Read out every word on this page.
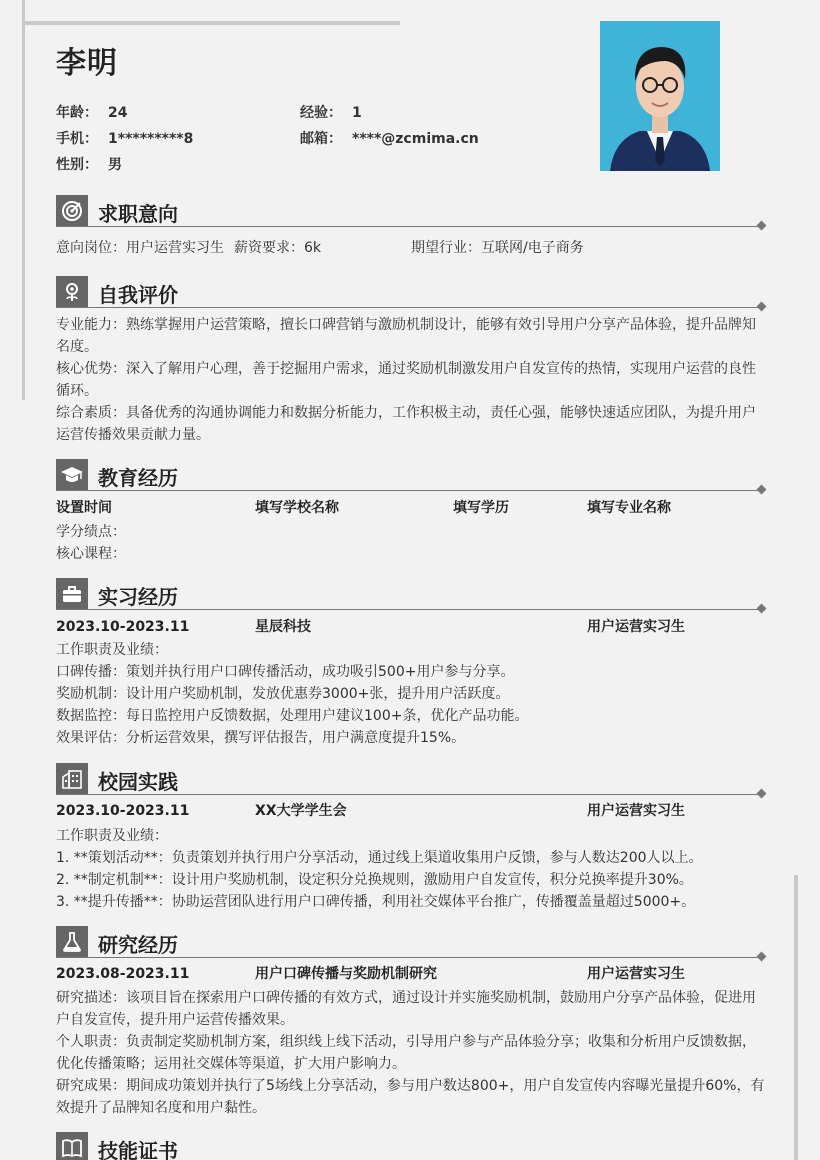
李明
年龄： 24	经验： 1
手机： 1*********8	邮箱： ****@zcmima.cn
性别： 男
求职意向
意向岗位：用户运营实习生 薪资要求：6k	期望行业：互联网/电子商务
自我评价
专业能力：熟练掌握用户运营策略，擅长口碑营销与激励机制设计，能够有效引导用户分享产品体验，提升品牌知名度。
核心优势：深入了解用户心理，善于挖掘用户需求，通过奖励机制激发用户自发宣传的热情，实现用户运营的良性循环。
综合素质：具备优秀的沟通协调能力和数据分析能力，工作积极主动，责任心强，能够快速适应团队，为提升用户运营传播效果贡献力量。
教育经历
设置时间	填写学校名称	填写学历	填写专业名称
学分绩点：
核心课程：
实习经历
2023.10-2023.11	星辰科技	用户运营实习生
工作职责及业绩：
口碑传播：策划并执行用户口碑传播活动，成功吸引500+用户参与分享。
奖励机制：设计用户奖励机制，发放优惠券3000+张，提升用户活跃度。
数据监控：每日监控用户反馈数据，处理用户建议100+条，优化产品功能。
效果评估：分析运营效果，撰写评估报告，用户满意度提升15%。
校园实践
2023.10-2023.11	XX大学学生会	用户运营实习生
工作职责及业绩：
1. **策划活动**：负责策划并执行用户分享活动，通过线上渠道收集用户反馈，参与人数达200人以上。
2. **制定机制**：设计用户奖励机制，设定积分兑换规则，激励用户自发宣传，积分兑换率提升30%。
3. **提升传播**：协助运营团队进行用户口碑传播，利用社交媒体平台推广，传播覆盖量超过5000+。
研究经历
2023.08-2023.11	用户口碑传播与奖励机制研究	用户运营实习生
研究描述：该项目旨在探索用户口碑传播的有效方式，通过设计并实施奖励机制，鼓励用户分享产品体验，促进用户自发宣传，提升用户运营传播效果。
个人职责：负责制定奖励机制方案，组织线上线下活动，引导用户参与产品体验分享；收集和分析用户反馈数据，优化传播策略；运用社交媒体等渠道，扩大用户影响力。
研究成果：期间成功策划并执行了5场线上分享活动，参与用户数达800+，用户自发宣传内容曝光量提升60%，有效提升了品牌知名度和用户黏性。
技能证书
